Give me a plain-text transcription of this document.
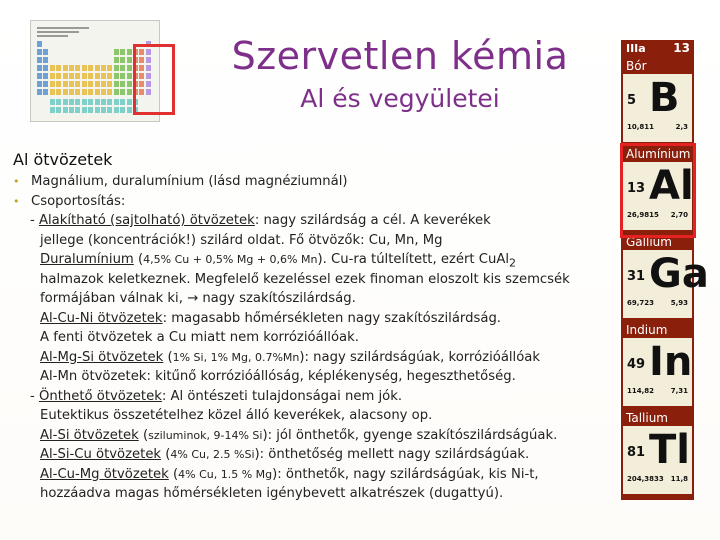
Szervetlen kémia
Al és vegyületei
Al ötvözetek
• Magnálium, duralumínium (lásd magnéziumnál)
• Csoportosítás:
- Alakítható (sajtolható) ötvözetek: nagy szilárdság a cél. A keverékek
jellege (koncentrációk!) szilárd oldat. Fő ötvözők: Cu, Mn, Mg
Duralumínium (4,5% Cu + 0,5% Mg + 0,6% Mn). Cu-ra túltelített, ezért CuAl$_2$
halmazok keletkeznek. Megfelelő kezeléssel ezek finoman eloszolt kis szemcsék
formájában válnak ki, → nagy szakítószilárdság.
Al-Cu-Ni ötvözetek: magasabb hőmérsékleten nagy szakítószilárdság.
A fenti ötvözetek a Cu miatt nem korrózióállóak.
Al-Mg-Si ötvözetek (1% Si, 1% Mg, 0.7%Mn): nagy szilárdságúak, korrózióállóak
Al-Mn ötvözetek: kitűnő korrózióállóság, képlékenység, hegeszthetőség.
- Önthető ötvözetek: Al öntészeti tulajdonságai nem jók.
Eutektikus összetételhez közel álló keverékek, alacsony op.
Al-Si ötvözetek (sziluminok, 9-14% Si): jól önthetők, gyenge szakítószilárdságúak.
Al-Si-Cu ötvözetek (4% Cu, 2.5 %Si): önthetőség mellett nagy szilárdságúak.
Al-Cu-Mg ötvözetek (4% Cu, 1.5 % Mg): önthetők, nagy szilárdságúak, kis Ni-t,
hozzáadva magas hőmérsékleten igénybevett alkatrészek (dugattyú).
IIIa 13
Bór
B
5
10,811	2,3
Alumínium
Al
13
26,9815 2,70
Gallium
Ga
31
69,723 5,93
Indium
In
49
114,82 7,31
Tallium
Tl
81
204,3833 11,8
